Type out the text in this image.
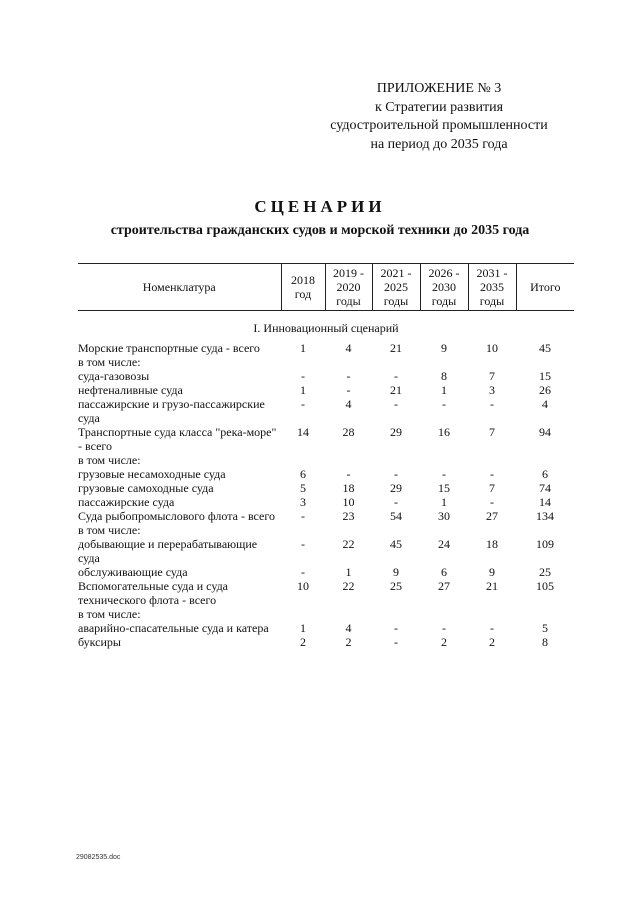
ПРИЛОЖЕНИЕ № 3
к Стратегии развития
судостроительной промышленности
на период до 2035 года
СЦЕНАРИИ
строительства гражданских судов и морской техники до 2035 года
Номенклатура	2018 год	2019 - 2020 годы	2021 - 2025 годы	2026 - 2030 годы	2031 - 2035 годы	Итого
I. Инновационный сценарий						
Морские транспортные суда - всего	1	4	21	9	10	45
в том числе:						
суда-газовозы	-	-	-	8	7	15
нефтеналивные суда	1	-	21	1	3	26
пассажирские и грузо-пассажирские суда	-	4	-	-	-	4
Транспортные суда класса "река-море" - всего	14	28	29	16	7	94
в том числе:						
грузовые несамоходные суда	6	-	-	-	-	6
грузовые самоходные суда	5	18	29	15	7	74
пассажирские суда	3	10	-	1	-	14
Суда рыбопромыслового флота - всего	-	23	54	30	27	134
в том числе:						
добывающие и перерабатывающие суда	-	22	45	24	18	109
обслуживающие суда	-	1	9	6	9	25
Вспомогательные суда и суда технического флота - всего	10	22	25	27	21	105
в том числе:						
аварийно-спасательные суда и катера	1	4	-	-	-	5
буксиры	2	2	-	2	2	8
29082535.doc
